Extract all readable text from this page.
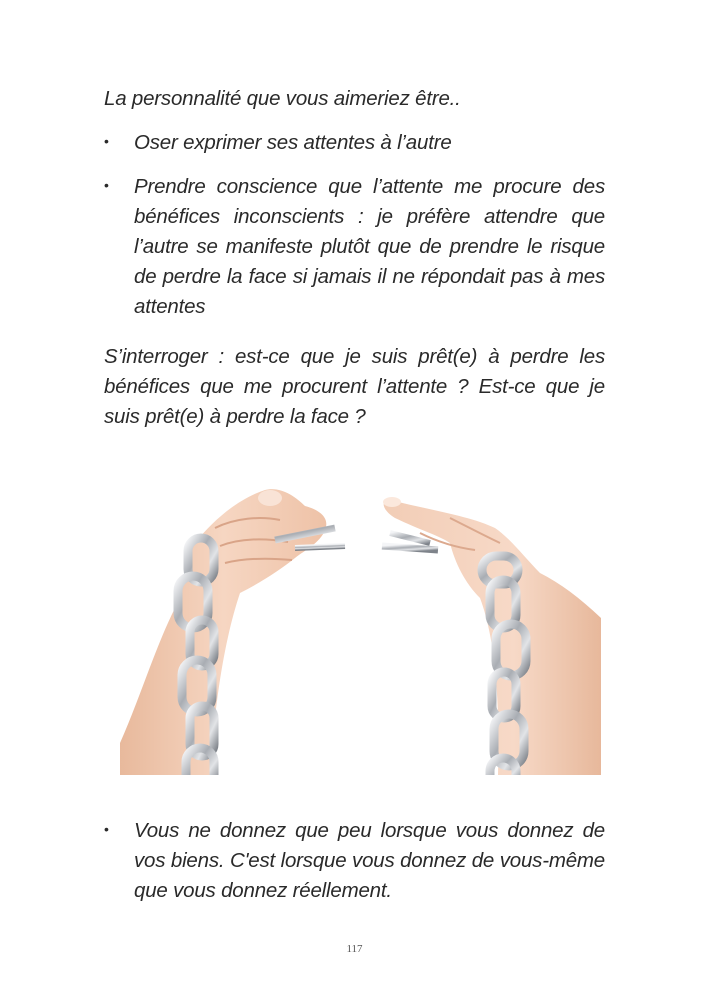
La personnalité que vous aimeriez être..
• Oser exprimer ses attentes à l’autre
• Prendre conscience que l’attente me procure des bénéfices inconscients : je préfère attendre que l’autre se manifeste plutôt que de prendre le risque de perdre la face si jamais il ne répondait pas à mes attentes
S’interroger : est-ce que je suis prêt(e) à perdre les bénéfices que me procurent l’attente ? Est-ce que je suis prêt(e) à perdre la face ?
• Vous ne donnez que peu lorsque vous donnez de vos biens. C'est lorsque vous donnez de vous-même que vous donnez réellement.
117
